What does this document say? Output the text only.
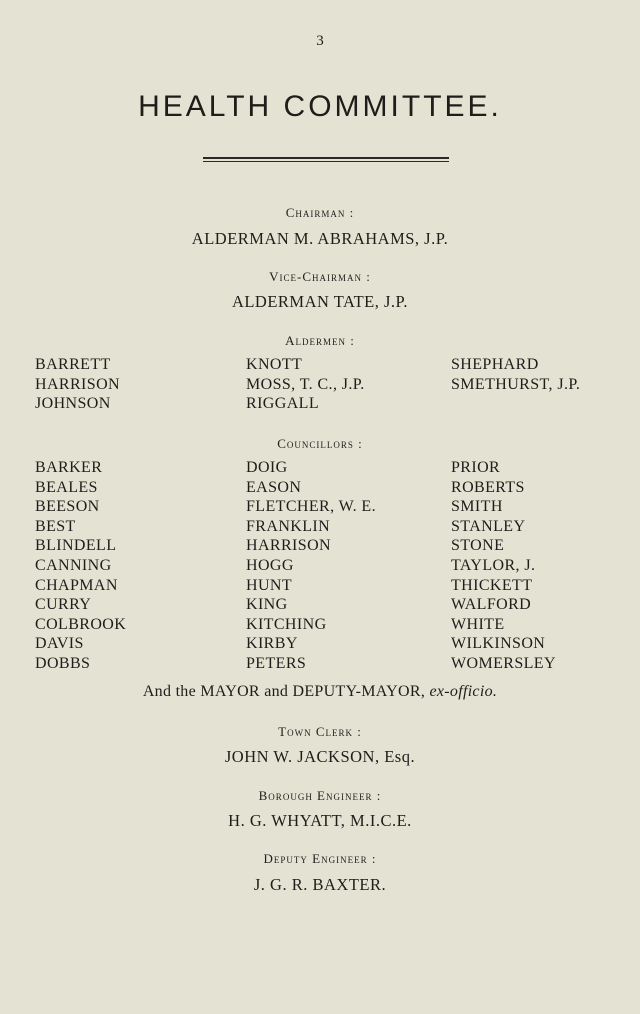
3
HEALTH COMMITTEE.
Chairman :
ALDERMAN M. ABRAHAMS, J.P.
Vice-Chairman :
ALDERMAN TATE, J.P.
Aldermen :
BARRETT
HARRISON
JOHNSON
KNOTT
MOSS, T. C., J.P.
RIGGALL
SHEPHARD
SMETHURST, J.P.
Councillors :
BARKER
BEALES
BEESON
BEST
BLINDELL
CANNING
CHAPMAN
CURRY
COLBROOK
DAVIS
DOBBS
DOIG
EASON
FLETCHER, W. E.
FRANKLIN
HARRISON
HOGG
HUNT
KING
KITCHING
KIRBY
PETERS
PRIOR
ROBERTS
SMITH
STANLEY
STONE
TAYLOR, J.
THICKETT
WALFORD
WHITE
WILKINSON
WOMERSLEY
And the MAYOR and DEPUTY-MAYOR, ex-officio.
Town Clerk :
JOHN W. JACKSON, Esq.
Borough Engineer :
H. G. WHYATT, M.I.C.E.
Deputy Engineer :
J. G. R. BAXTER.
